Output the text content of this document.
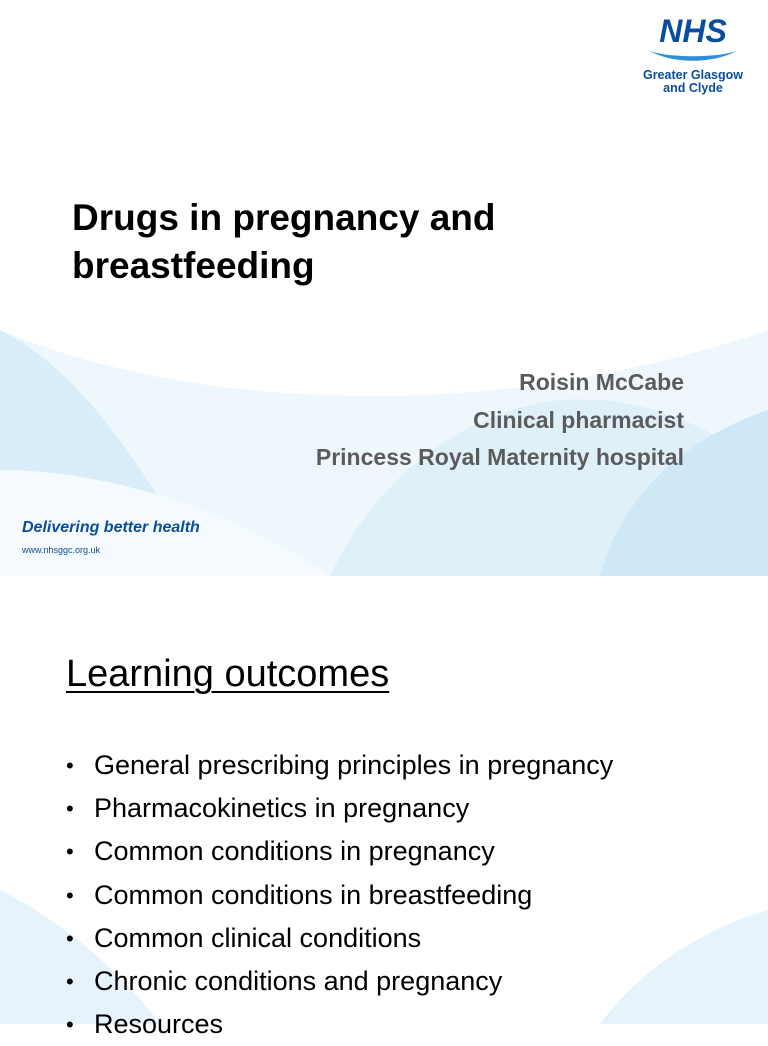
NHS
Greater Glasgow
and Clyde
Drugs in pregnancy and breastfeeding
Roisin McCabe
Clinical pharmacist
Princess Royal Maternity hospital
Delivering better health
www.nhsggc.org.uk
Learning outcomes
• General prescribing principles in pregnancy
• Pharmacokinetics in pregnancy
• Common conditions in pregnancy
• Common conditions in breastfeeding
• Common clinical conditions
• Chronic conditions and pregnancy
• Resources
